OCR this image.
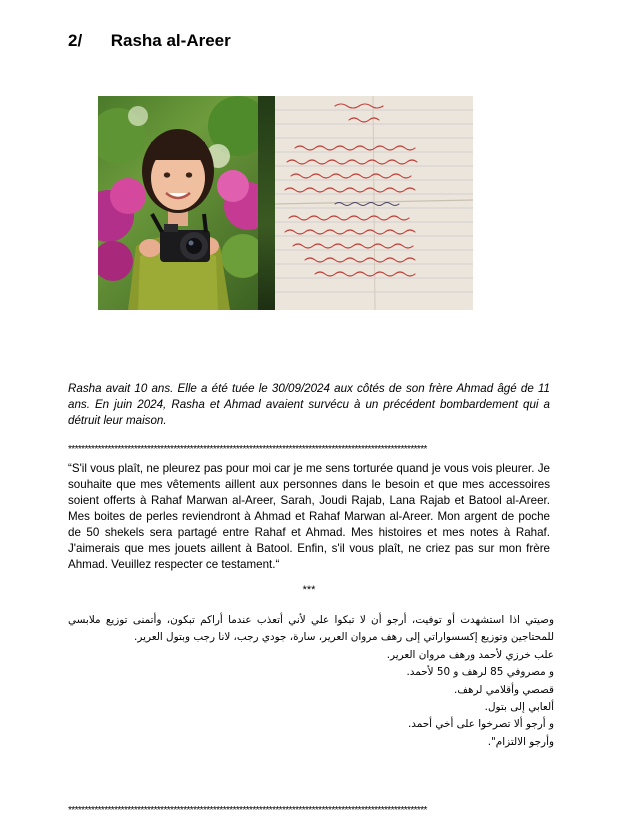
2/ Rasha al-Areer
Rasha avait 10 ans. Elle a été tuée le 30/09/2024 aux côtés de son frère Ahmad âgé de 11 ans. En juin 2024, Rasha et Ahmad avaient survécu à un précédent bombardement qui a détruit leur maison.
*************************************************************************************************************
“S'il vous plaît, ne pleurez pas pour moi car je me sens torturée quand je vous vois pleurer. Je souhaite que mes vêtements aillent aux personnes dans le besoin et que mes accessoires soient offerts à Rahaf Marwan al-Areer, Sarah, Joudi Rajab, Lana Rajab et Batool al-Areer. Mes boites de perles reviendront à Ahmad et Rahaf Marwan al-Areer. Mon argent de poche de 50 shekels sera partagé entre Rahaf et Ahmad. Mes histoires et mes notes à Rahaf. J'aimerais que mes jouets aillent à Batool. Enfin, s'il vous plaît, ne criez pas sur mon frère Ahmad. Veuillez respecter ce testament.“
***

وصيتي اذا استشهدت أو توفيت، أرجو أن لا تبكوا علي لأني أتعذب عندما أراكم تبكون، وأتمنى توزيع ملابسي للمحتاجين وتوزيع إكسسواراتي إلى رهف مروان العرير، سارة، جودي رجب، لانا رجب وبتول العرير.

علب خرزي لأحمد ورهف مروان العرير.

و مصروفي 85 لرهف و 50 لأحمد.

قصصي وأقلامي لرهف.

ألعابي إلى بتول.

و أرجو ألا تصرخوا على أخي أحمد.

وأرجو الالتزام".

*************************************************************************************************************
